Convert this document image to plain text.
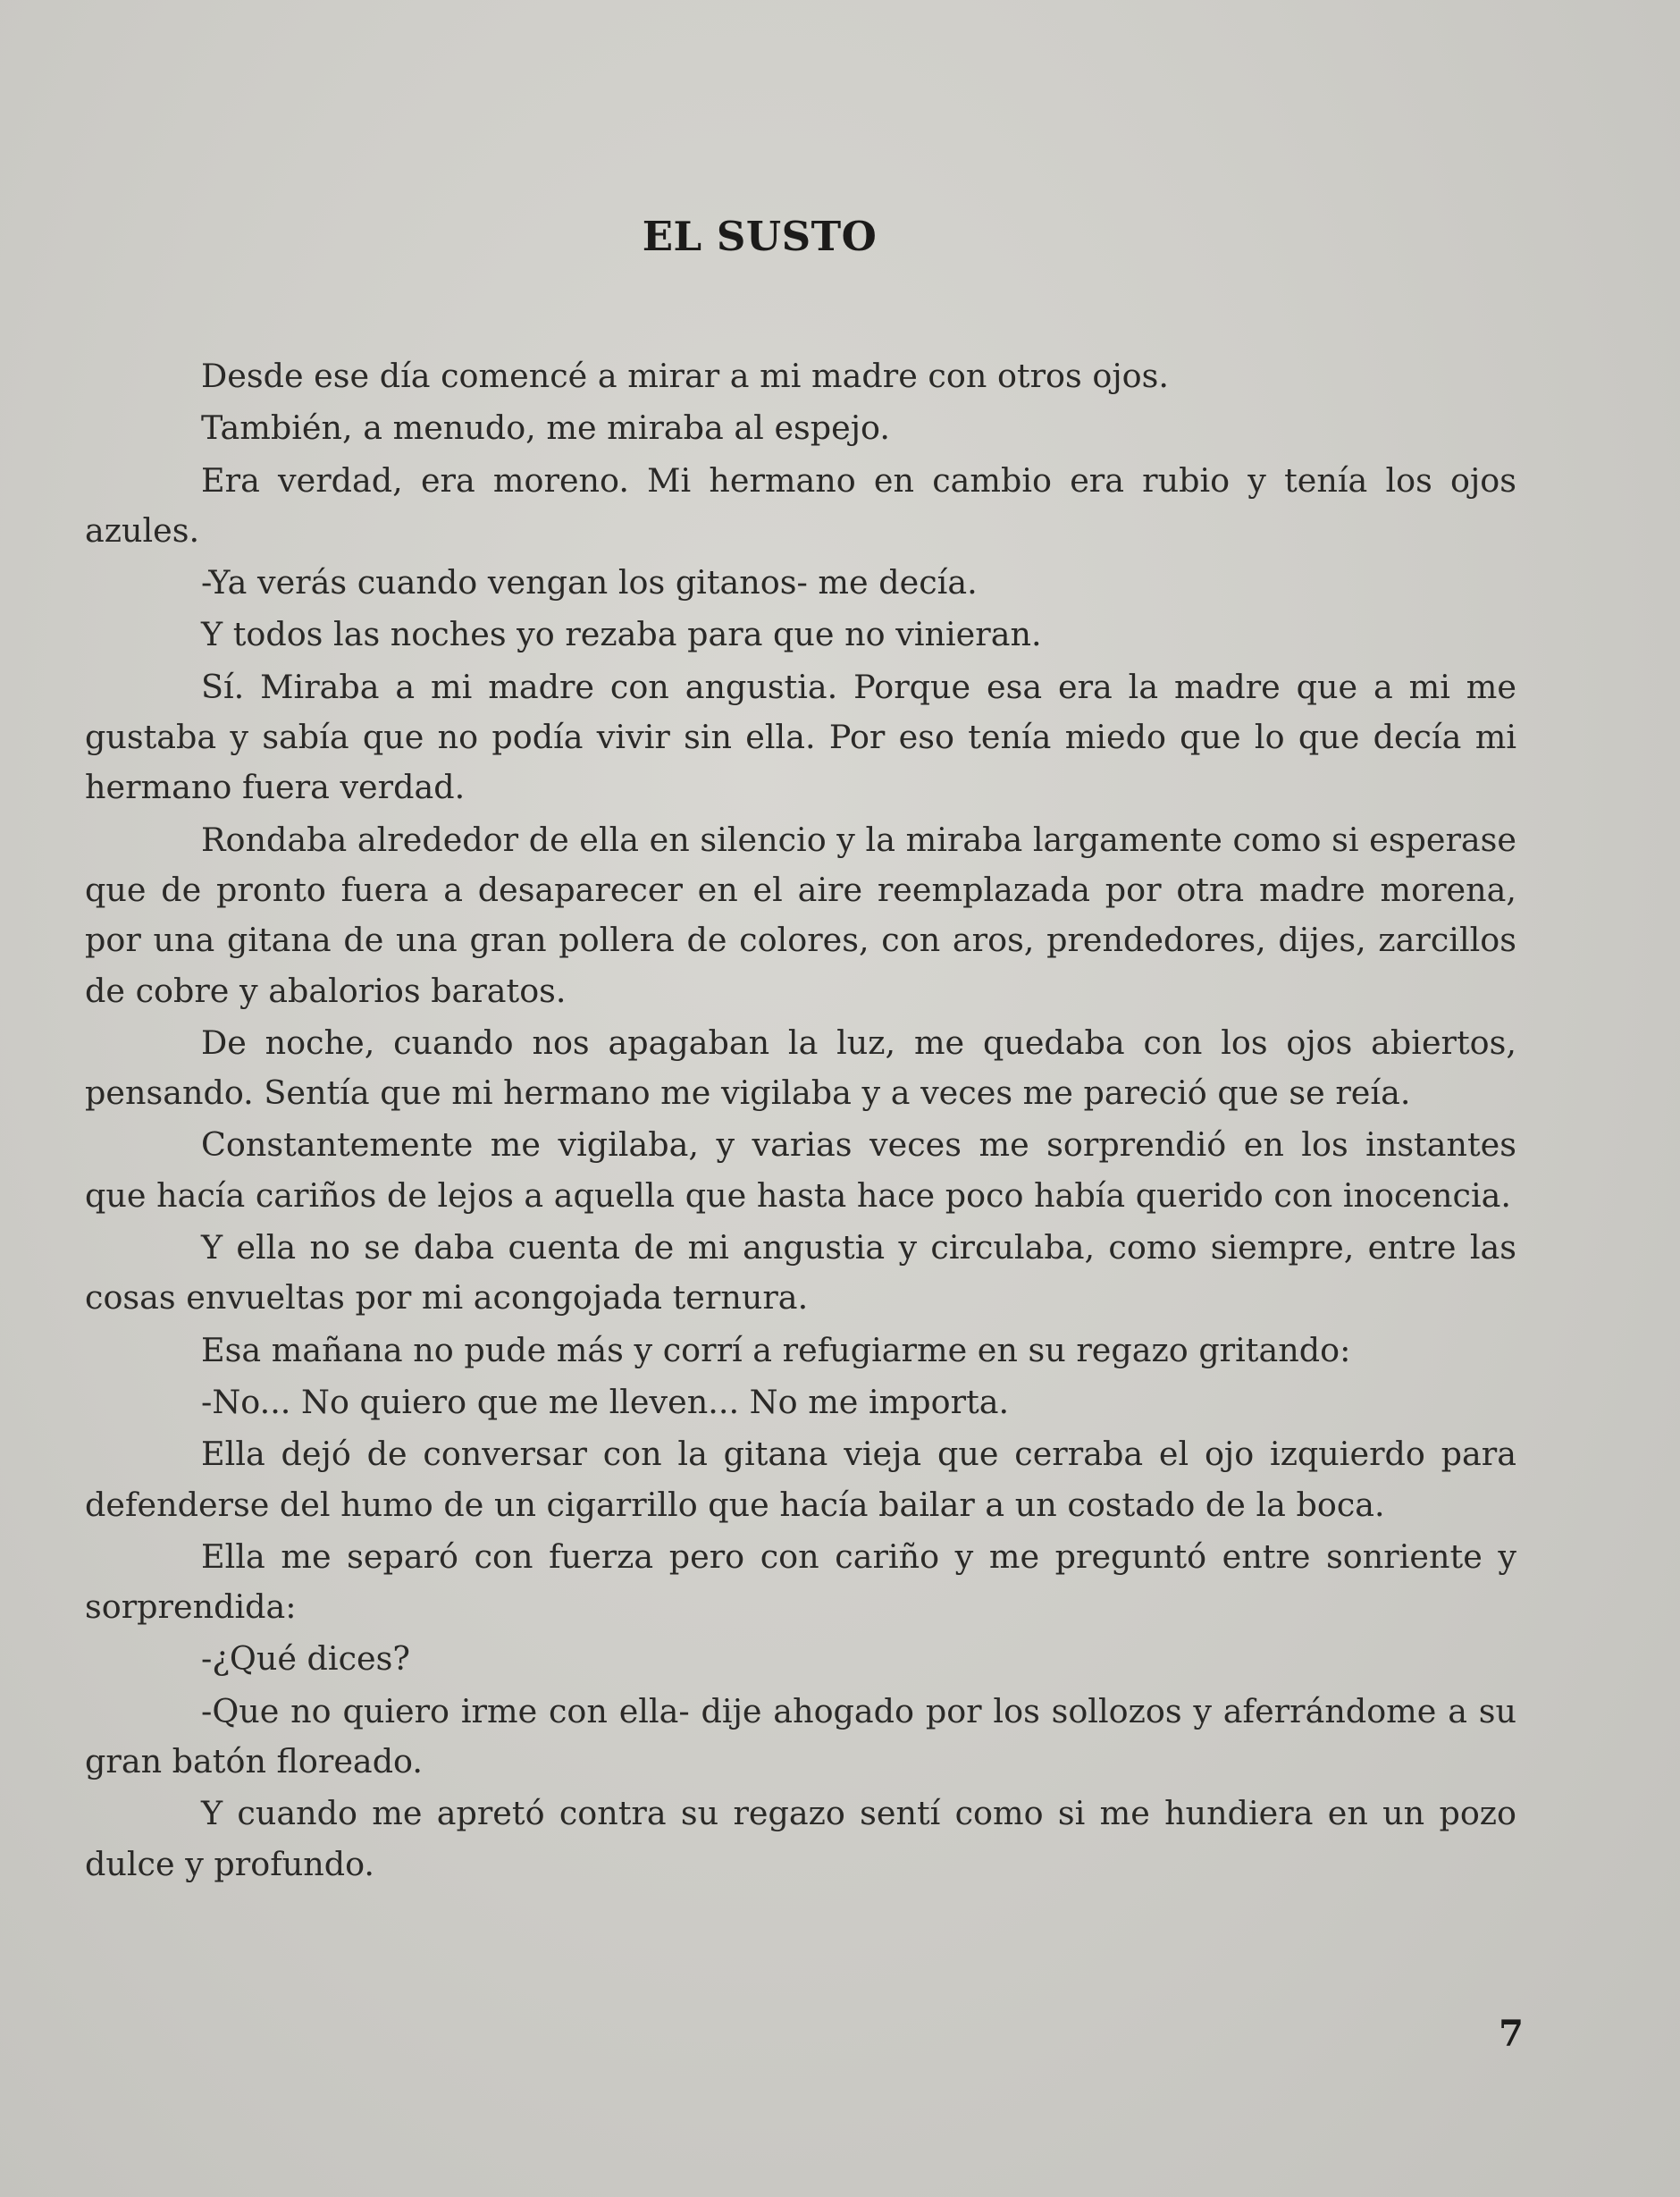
EL SUSTO

Desde ese día comencé a mirar a mi madre con otros ojos.

También, a menudo, me miraba al espejo.

Era verdad, era moreno. Mi hermano en cambio era rubio y tenía los ojos azules.

-Ya verás cuando vengan los gitanos- me decía.

Y todos las noches yo rezaba para que no vinieran.

Sí. Miraba a mi madre con angustia. Porque esa era la madre que a mi me gustaba y sabía que no podía vivir sin ella. Por eso tenía miedo que lo que decía mi hermano fuera verdad.

Rondaba alrededor de ella en silencio y la miraba largamente como si esperase que de pronto fuera a desaparecer en el aire reemplazada por otra madre morena, por una gitana de una gran pollera de colores, con aros, prendedores, dijes, zarcillos de cobre y abalorios baratos.

De noche, cuando nos apagaban la luz, me quedaba con los ojos abiertos, pensando. Sentía que mi hermano me vigilaba y a veces me pareció que se reía.

Constantemente me vigilaba, y varias veces me sorprendió en los instantes que hacía cariños de lejos a aquella que hasta hace poco había querido con inocencia.

Y ella no se daba cuenta de mi angustia y circulaba, como siempre, entre las cosas envueltas por mi acongojada ternura.

Esa mañana no pude más y corrí a refugiarme en su regazo gritando:

-No... No quiero que me lleven... No me importa.

Ella dejó de conversar con la gitana vieja que cerraba el ojo izquierdo para defenderse del humo de un cigarrillo que hacía bailar a un costado de la boca.

Ella me separó con fuerza pero con cariño y me preguntó entre sonriente y sorprendida:

-¿Qué dices?

-Que no quiero irme con ella- dije ahogado por los sollozos y aferrándome a su gran batón floreado.

Y cuando me apretó contra su regazo sentí como si me hundiera en un pozo dulce y profundo.

7
